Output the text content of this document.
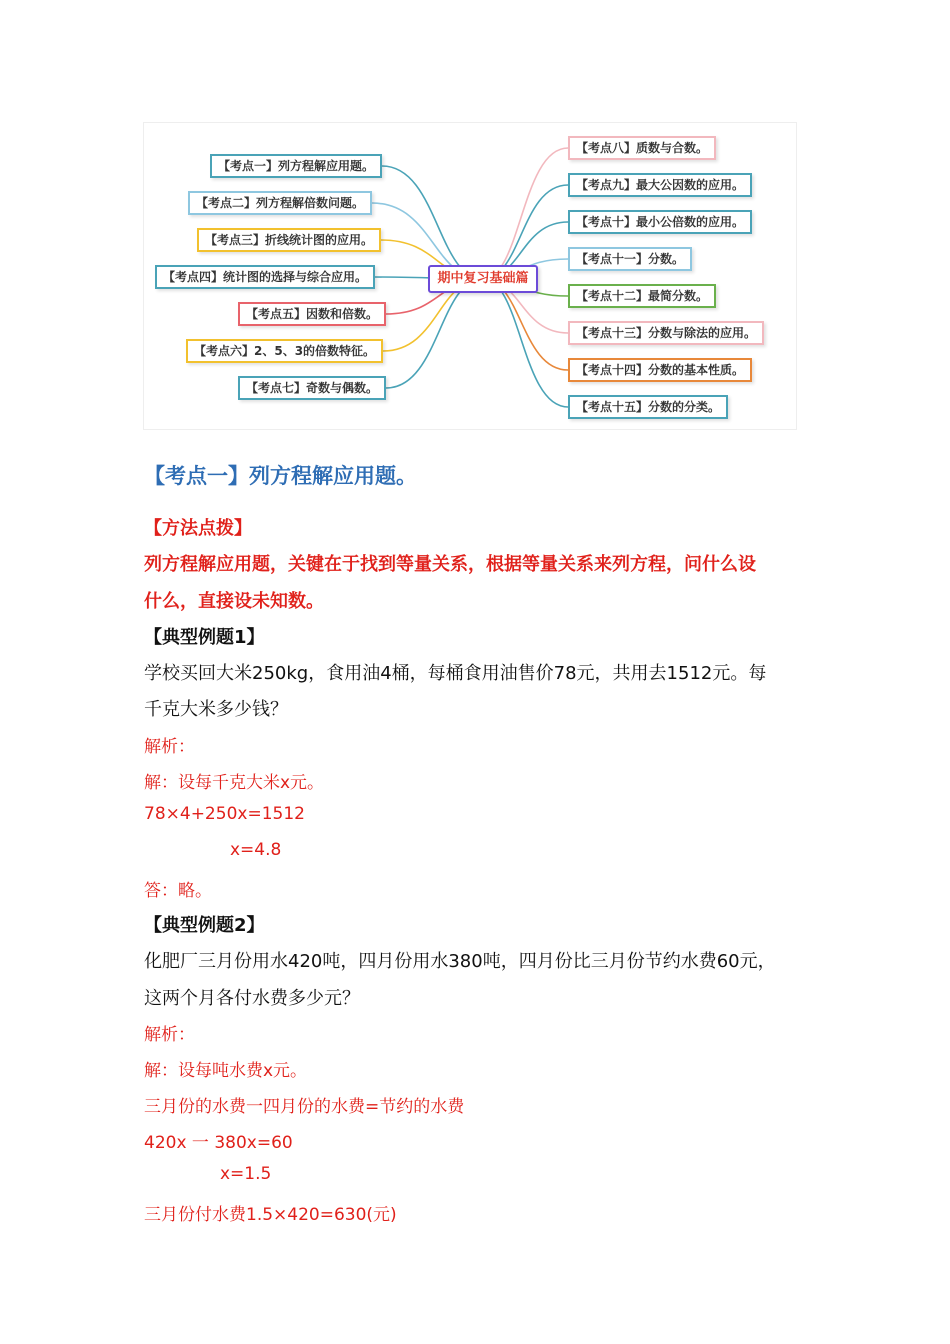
【考点一】列方程解应用题。
【考点二】列方程解倍数问题。
【考点三】折线统计图的应用。
【考点四】统计图的选择与综合应用。
【考点五】因数和倍数。
【考点六】2、5、3的倍数特征。
【考点七】奇数与偶数。
期中复习基础篇
【考点八】质数与合数。
【考点九】最大公因数的应用。
【考点十】最小公倍数的应用。
【考点十一】分数。
【考点十二】最简分数。
【考点十三】分数与除法的应用。
【考点十四】分数的基本性质。
【考点十五】分数的分类。
【考点一】列方程解应用题。
【方法点拨】
列方程解应用题，关键在于找到等量关系，根据等量关系来列方程，问什么设
什么，直接设未知数。
【典型例题1】
学校买回大米250kg，食用油4桶，每桶食用油售价78元，共用去1512元。每
千克大米多少钱？
解析：
解：设每千克大米x元。
78×4+250x=1512
x=4.8
答：略。
【典型例题2】
化肥厂三月份用水420吨，四月份用水380吨，四月份比三月份节约水费60元，
这两个月各付水费多少元？
解析：
解：设每吨水费x元。
三月份的水费一四月份的水费=节约的水费
420x 一 380x=60
x=1.5
三月份付水费1.5×420=630(元)
